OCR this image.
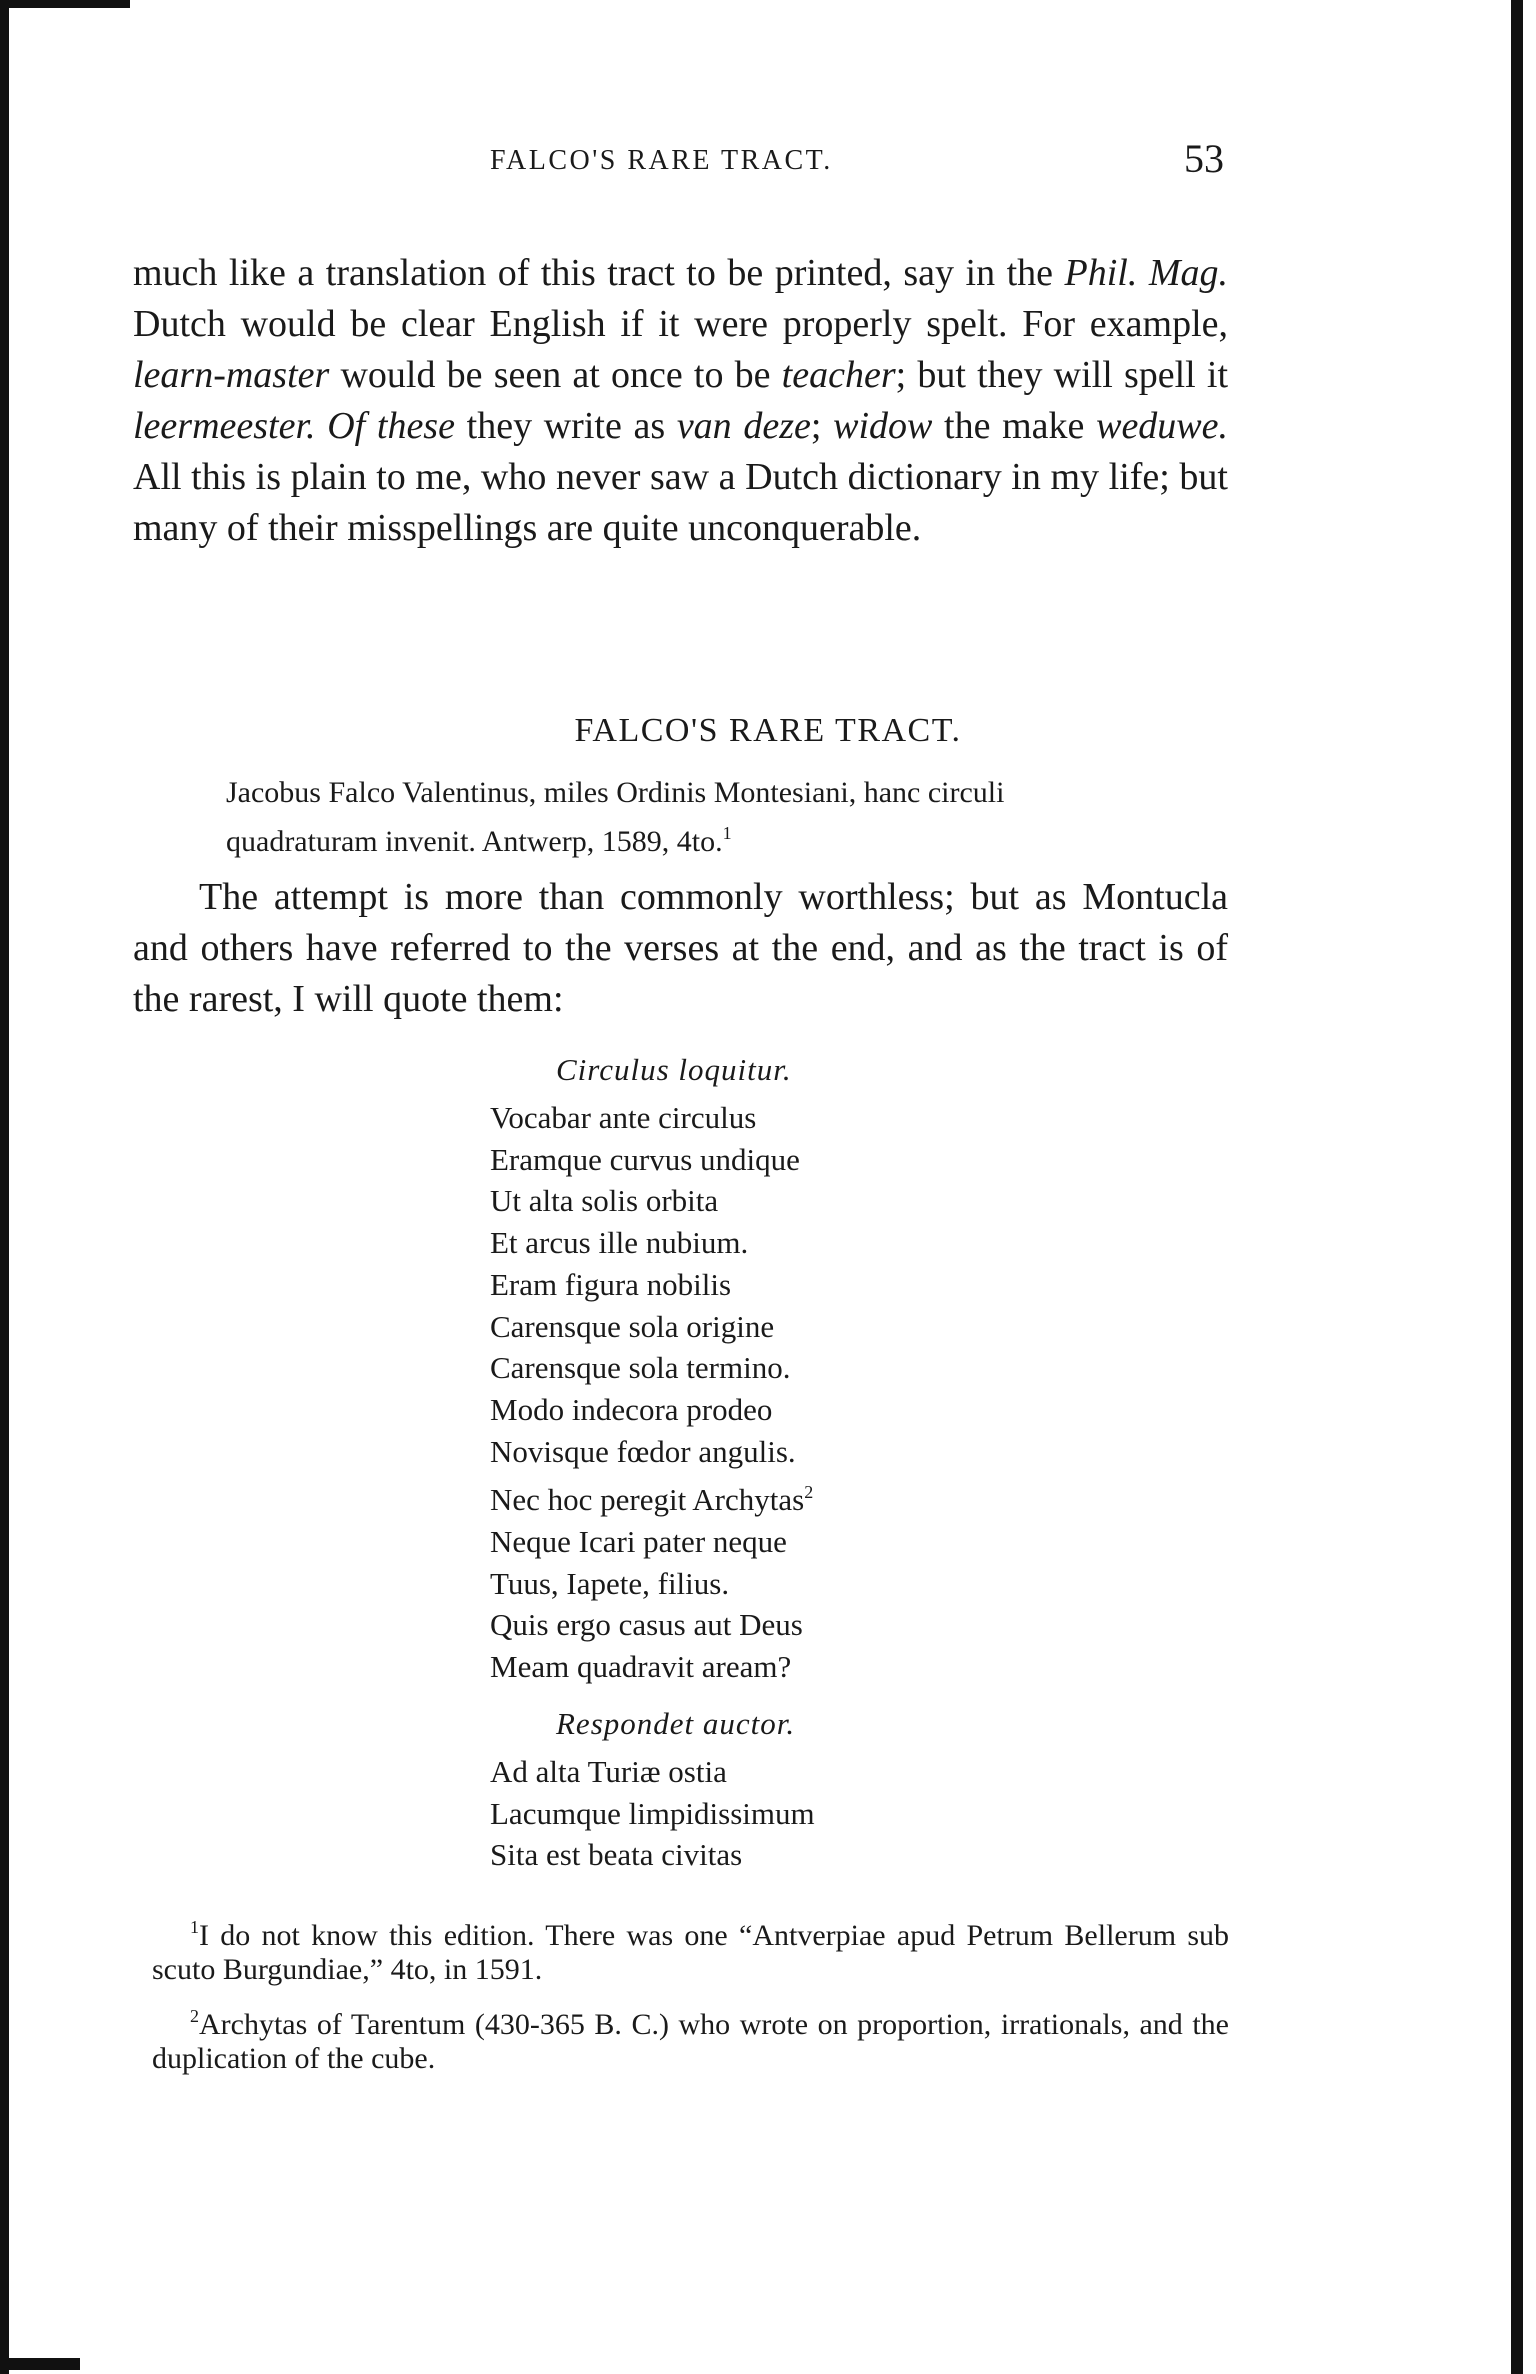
FALCO'S RARE TRACT.	53

much like a translation of this tract to be printed, say in the Phil. Mag. Dutch would be clear English if it were properly spelt. For example, learn-master would be seen at once to be teacher; but they will spell it leermeester. Of these they write as van deze; widow the make weduwe. All this is plain to me, who never saw a Dutch dictionary in my life; but many of their misspellings are quite unconquerable.

FALCO'S RARE TRACT.
Jacobus Falco Valentinus, miles Ordinis Montesiani, hanc circuli
quadraturam invenit. Antwerp, 1589, 4to.$^1$

The attempt is more than commonly worthless; but as Montucla and others have referred to the verses at the end, and as the tract is of the rarest, I will quote them:

Circulus loquitur.
Vocabar ante circulus
Eramque curvus undique
Ut alta solis orbita
Et arcus ille nubium.
Eram figura nobilis
Carensque sola origine
Carensque sola termino.
Modo indecora prodeo
Novisque fœdor angulis.
Nec hoc peregit Archytas$^2$
Neque Icari pater neque
Tuus, Iapete, filius.
Quis ergo casus aut Deus
Meam quadravit aream?
Respondet auctor.
Ad alta Turiæ ostia
Lacumque limpidissimum
Sita est beata civitas
$^1$I do not know this edition. There was one “Antverpiae apud Petrum Bellerum sub scuto Burgundiae,” 4to, in 1591.
$^2$Archytas of Tarentum (430-365 B. C.) who wrote on proportion, irrationals, and the duplication of the cube.
